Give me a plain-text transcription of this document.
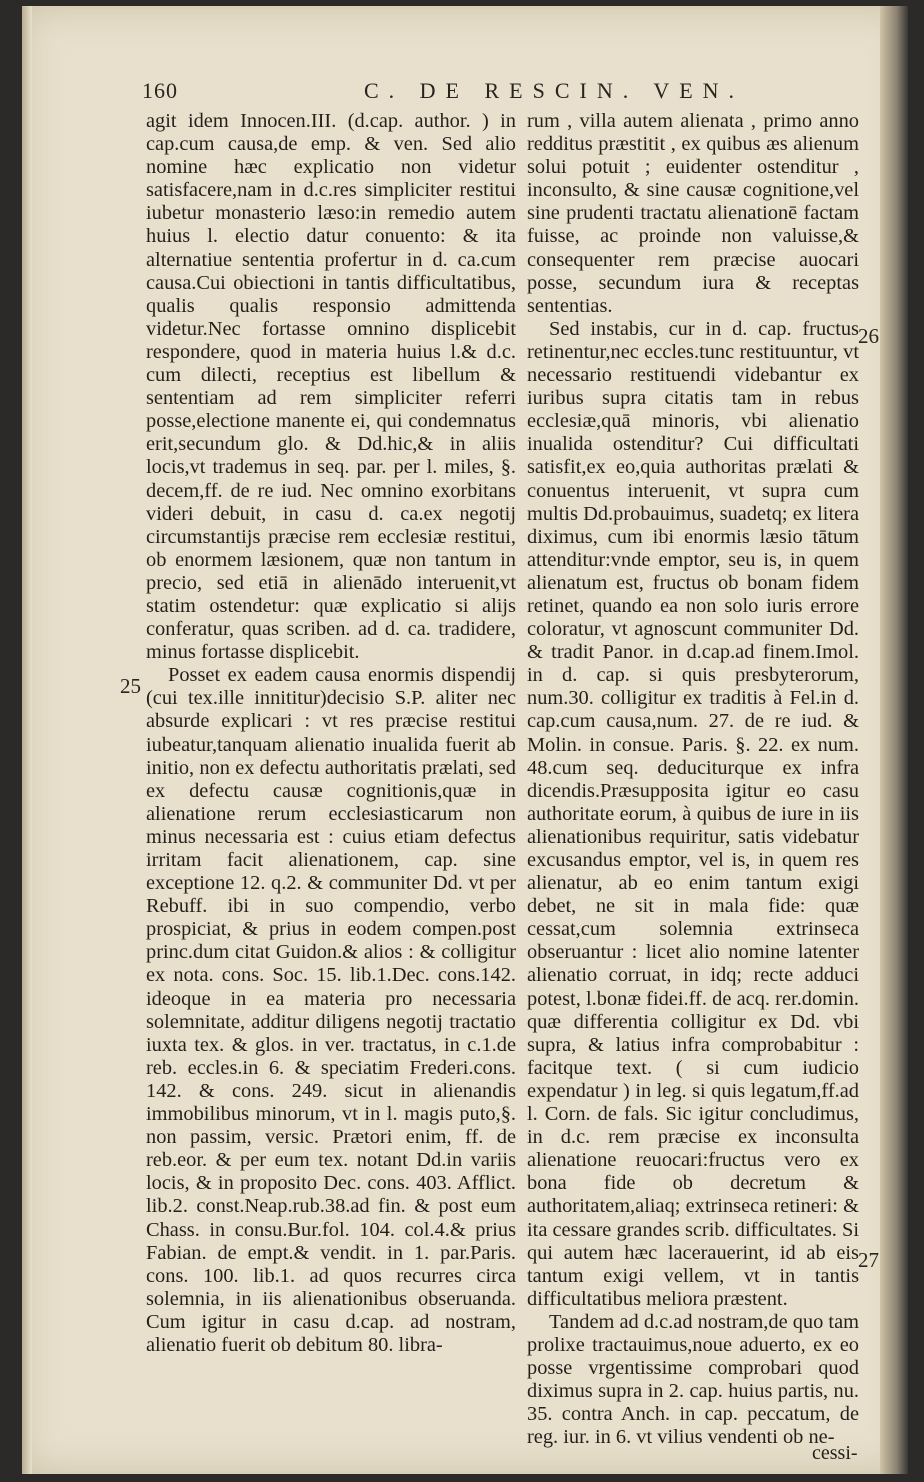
160	C. DE RESCIN. VEN.

agit idem Innocen.III. (d.cap. author. ) in cap.cum causa,de emp. & ven. Sed alio nomine hæc explicatio non videtur satisfacere,nam in d.c.res simpliciter restitui iubetur monasterio læso:in remedio autem huius l. electio datur conuento: & ita alternatiue sententia profertur in d. ca.cum causa.Cui obiectioni in tantis difficultatibus, qualis qualis responsio admittenda videtur.Nec fortasse omnino displicebit respondere, quod in materia huius l.& d.c. cum dilecti, receptius est libellum & sententiam ad rem simpliciter referri posse,electione manente ei, qui condemnatus erit,secundum glo. & Dd.hic,& in aliis locis,vt trademus in seq. par. per l. miles, §. decem,ff. de re iud. Nec omnino exorbitans videri debuit, in casu d. ca.ex negotij circumstantijs præcise rem ecclesiæ restitui, ob enormem læsionem, quæ non tantum in precio, sed etiā in alienādo interuenit,vt statim ostendetur: quæ explicatio si alijs conferatur, quas scriben. ad d. ca. tradidere, minus fortasse displicebit.

Posset ex eadem causa enormis dispendij (cui tex.ille innititur)decisio S.P. aliter nec absurde explicari : vt res præcise restitui iubeatur,tanquam alienatio inualida fuerit ab initio, non ex defectu authoritatis prælati, sed ex defectu causæ cognitionis,quæ in alienatione rerum ecclesiasticarum non minus necessaria est : cuius etiam defectus irritam facit alienationem, cap. sine exceptione 12. q.2. & communiter Dd. vt per Rebuff. ibi in suo compendio, verbo prospiciat, & prius in eodem compen.post princ.dum citat Guidon.& alios : & colligitur ex nota. cons. Soc. 15. lib.1.Dec. cons.142. ideoque in ea materia pro necessaria solemnitate, additur diligens negotij tractatio iuxta tex. & glos. in ver. tractatus, in c.1.de reb. eccles.in 6. & speciatim Frederi.cons. 142. & cons. 249. sicut in alienandis immobilibus minorum, vt in l. magis puto,§. non passim, versic. Prætori enim, ff. de reb.eor. & per eum tex. notant Dd.in variis locis, & in proposito Dec. cons. 403. Afflict. lib.2. const.Neap.rub.38.ad fin. & post eum Chass. in consu.Bur.fol. 104. col.4.& prius Fabian. de empt.& vendit. in 1. par.Paris. cons. 100. lib.1. ad quos recurres circa solemnia, in iis alienationibus obseruanda. Cum igitur in casu d.cap. ad nostram, alienatio fuerit ob debitum 80. libra-

rum , villa autem alienata , primo anno redditus præstitit , ex quibus æs alienum solui potuit ; euidenter ostenditur , inconsulto, & sine causæ cognitione,vel sine prudenti tractatu alienationē factam fuisse, ac proinde non valuisse,& consequenter rem præcise auocari posse, secundum iura & receptas sententias.

Sed instabis, cur in d. cap. fructus retinentur,nec eccles.tunc restituuntur, vt necessario restituendi videbantur ex iuribus supra citatis tam in rebus ecclesiæ,quā minoris, vbi alienatio inualida ostenditur? Cui difficultati satisfit,ex eo,quia authoritas prælati & conuentus interuenit, vt supra cum multis Dd.probauimus, suadetq; ex litera diximus, cum ibi enormis læsio tātum attenditur:vnde emptor, seu is, in quem alienatum est, fructus ob bonam fidem retinet, quando ea non solo iuris errore coloratur, vt agnoscunt communiter Dd. & tradit Panor. in d.cap.ad finem.Imol. in d. cap. si quis presbyterorum, num.30. colligitur ex traditis à Fel.in d. cap.cum causa,num. 27. de re iud. & Molin. in consue. Paris. §. 22. ex num. 48.cum seq. deduciturque ex infra dicendis.Præsupposita igitur eo casu authoritate eorum, à quibus de iure in iis alienationibus requiritur, satis videbatur excusandus emptor, vel is, in quem res alienatur, ab eo enim tantum exigi debet, ne sit in mala fide: quæ cessat,cum solemnia extrinseca obseruantur : licet alio nomine latenter alienatio corruat, in idq; recte adduci potest, l.bonæ fidei.ff. de acq. rer.domin. quæ differentia colligitur ex Dd. vbi supra, & latius infra comprobabitur : facitque text. ( si cum iudicio expendatur ) in leg. si quis legatum,ff.ad l. Corn. de fals. Sic igitur concludimus, in d.c. rem præcise ex inconsulta alienatione reuocari:fructus vero ex bona fide ob decretum & authoritatem,aliaq; extrinseca retineri: & ita cessare grandes scrib. difficultates. Si qui autem hæc lacerauerint, id ab eis tantum exigi vellem, vt in tantis difficultatibus meliora præstent.

Tandem ad d.c.ad nostram,de quo tam prolixe tractauimus,noue aduerto, ex eo posse vrgentissime comprobari quod diximus supra in 2. cap. huius partis, nu. 35. contra Anch. in cap. peccatum, de reg. iur. in 6. vt vilius vendenti ob ne-

25
26
27
cessi-
